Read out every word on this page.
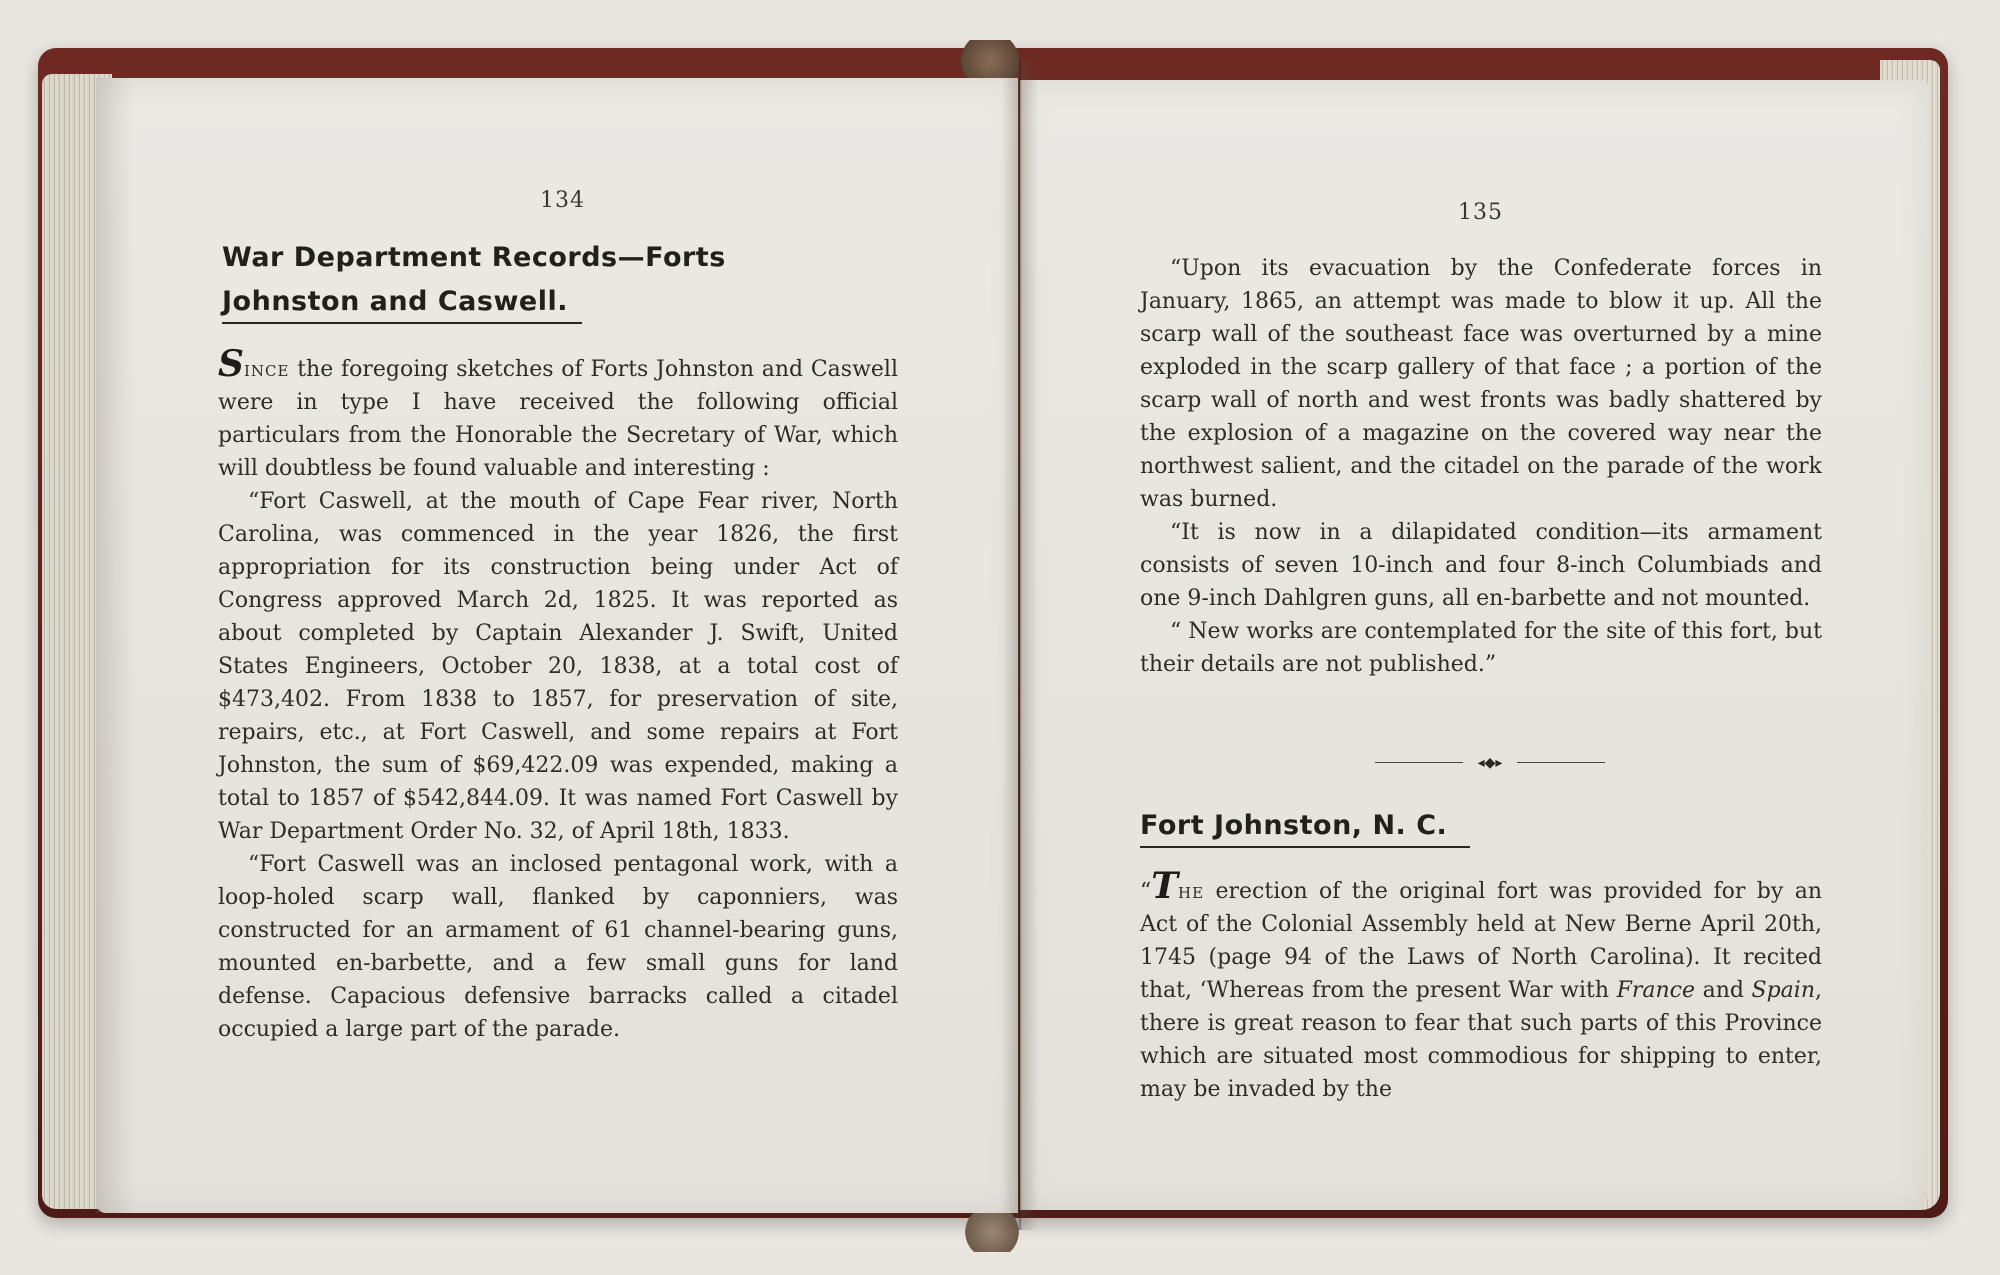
134
War Department Records—Forts
Johnston and Caswell.

Since the foregoing sketches of Forts Johnston and Caswell were in type I have received the following official particulars from the Honorable the Secretary of War, which will doubtless be found valuable and interesting :

“Fort Caswell, at the mouth of Cape Fear river, North Carolina, was commenced in the year 1826, the first appropriation for its construction being under Act of Congress approved March 2d, 1825. It was reported as about completed by Captain Alexander J. Swift, United States Engineers, October 20, 1838, at a total cost of $473,402. From 1838 to 1857, for preservation of site, repairs, etc., at Fort Caswell, and some repairs at Fort Johnston, the sum of $69,422.09 was expended, making a total to 1857 of $542,844.09. It was named Fort Caswell by War Department Order No. 32, of April 18th, 1833.

“Fort Caswell was an inclosed pentagonal work, with a loop-holed scarp wall, flanked by caponniers, was constructed for an armament of 61 channel-bearing guns, mounted en-barbette, and a few small guns for land defense. Capacious defensive barracks called a citadel occupied a large part of the parade.

135

“Upon its evacuation by the Confederate forces in January, 1865, an attempt was made to blow it up. All the scarp wall of the southeast face was overturned by a mine exploded in the scarp gallery of that face ; a portion of the scarp wall of north and west fronts was badly shattered by the explosion of a magazine on the covered way near the northwest salient, and the citadel on the parade of the work was burned.

“It is now in a dilapidated condition—its armament consists of seven 10-inch and four 8-inch Columbiads and one 9-inch Dahlgren guns, all en-barbette and not mounted.

“ New works are contemplated for the site of this fort, but their details are not published.”

◂◆▸
Fort Johnston, N. C.

“The erection of the original fort was provided for by an Act of the Colonial Assembly held at New Berne April 20th, 1745 (page 94 of the Laws of North Carolina). It recited that, ‘Whereas from the present War with France and Spain, there is great reason to fear that such parts of this Province which are situated most commodious for shipping to enter, may be invaded by the
